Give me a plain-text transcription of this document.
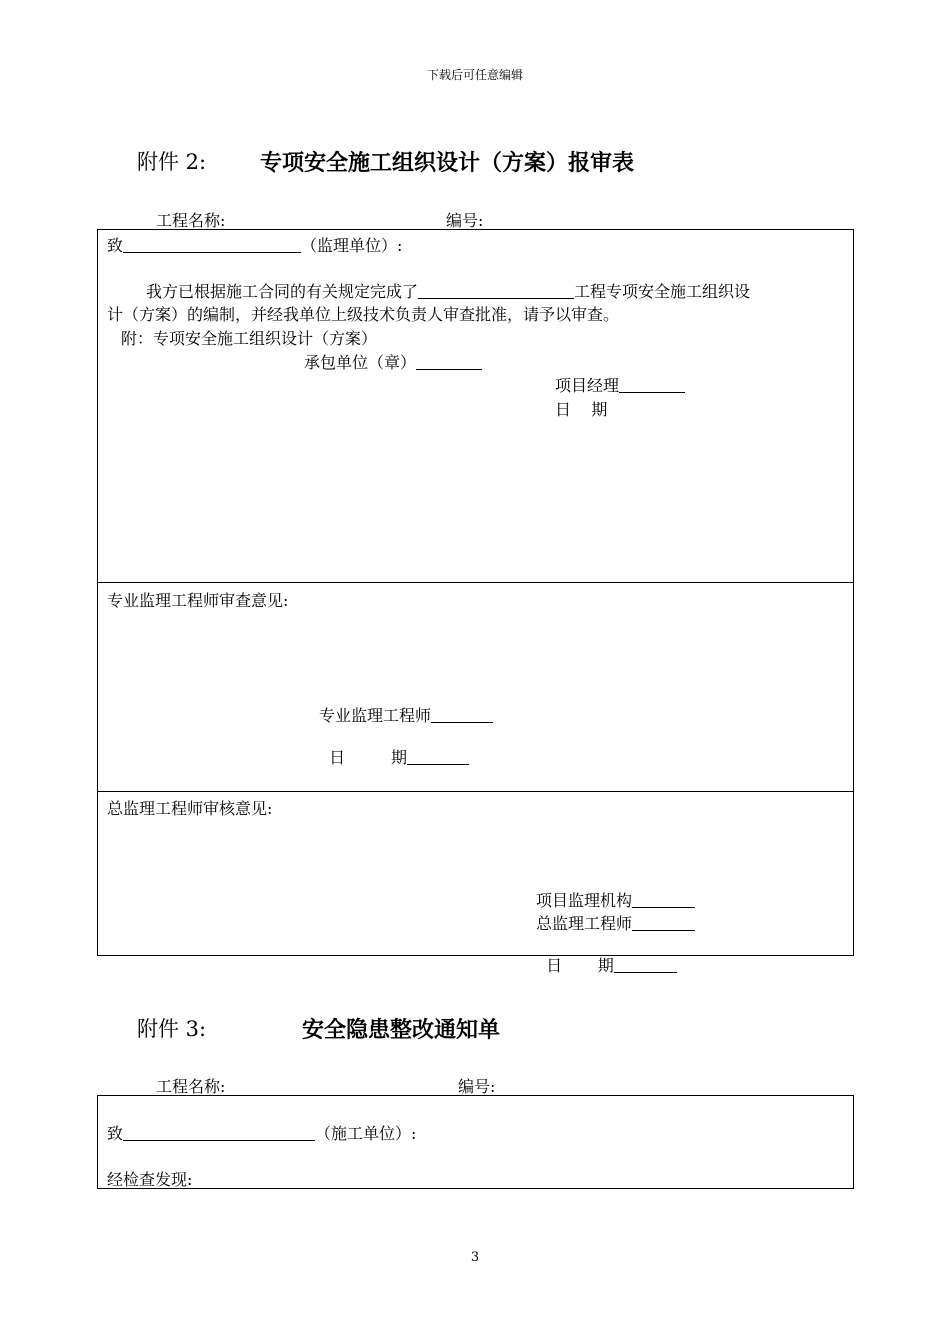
下载后可任意编辑
附件 2: 专项安全施工组织设计（方案）报审表
工程名称:	编号:
致	（监理单位）:
我方已根据施工合同的有关规定完成了	工程专项安全施工组织设
计（方案）的编制，并经我单位上级技术负责人审查批准，请予以审查。
附：专项安全施工组织设计（方案）
承包单位（章）
项目经理
日    期
专业监理工程师审查意见:
专业监理工程师

日         期

总监理工程师审核意见:
项目监理机构
总监理工程师

日       期

附件 3:	安全隐患整改通知单
工程名称:	编号:
致	（施工单位）:
经检查发现:
3
